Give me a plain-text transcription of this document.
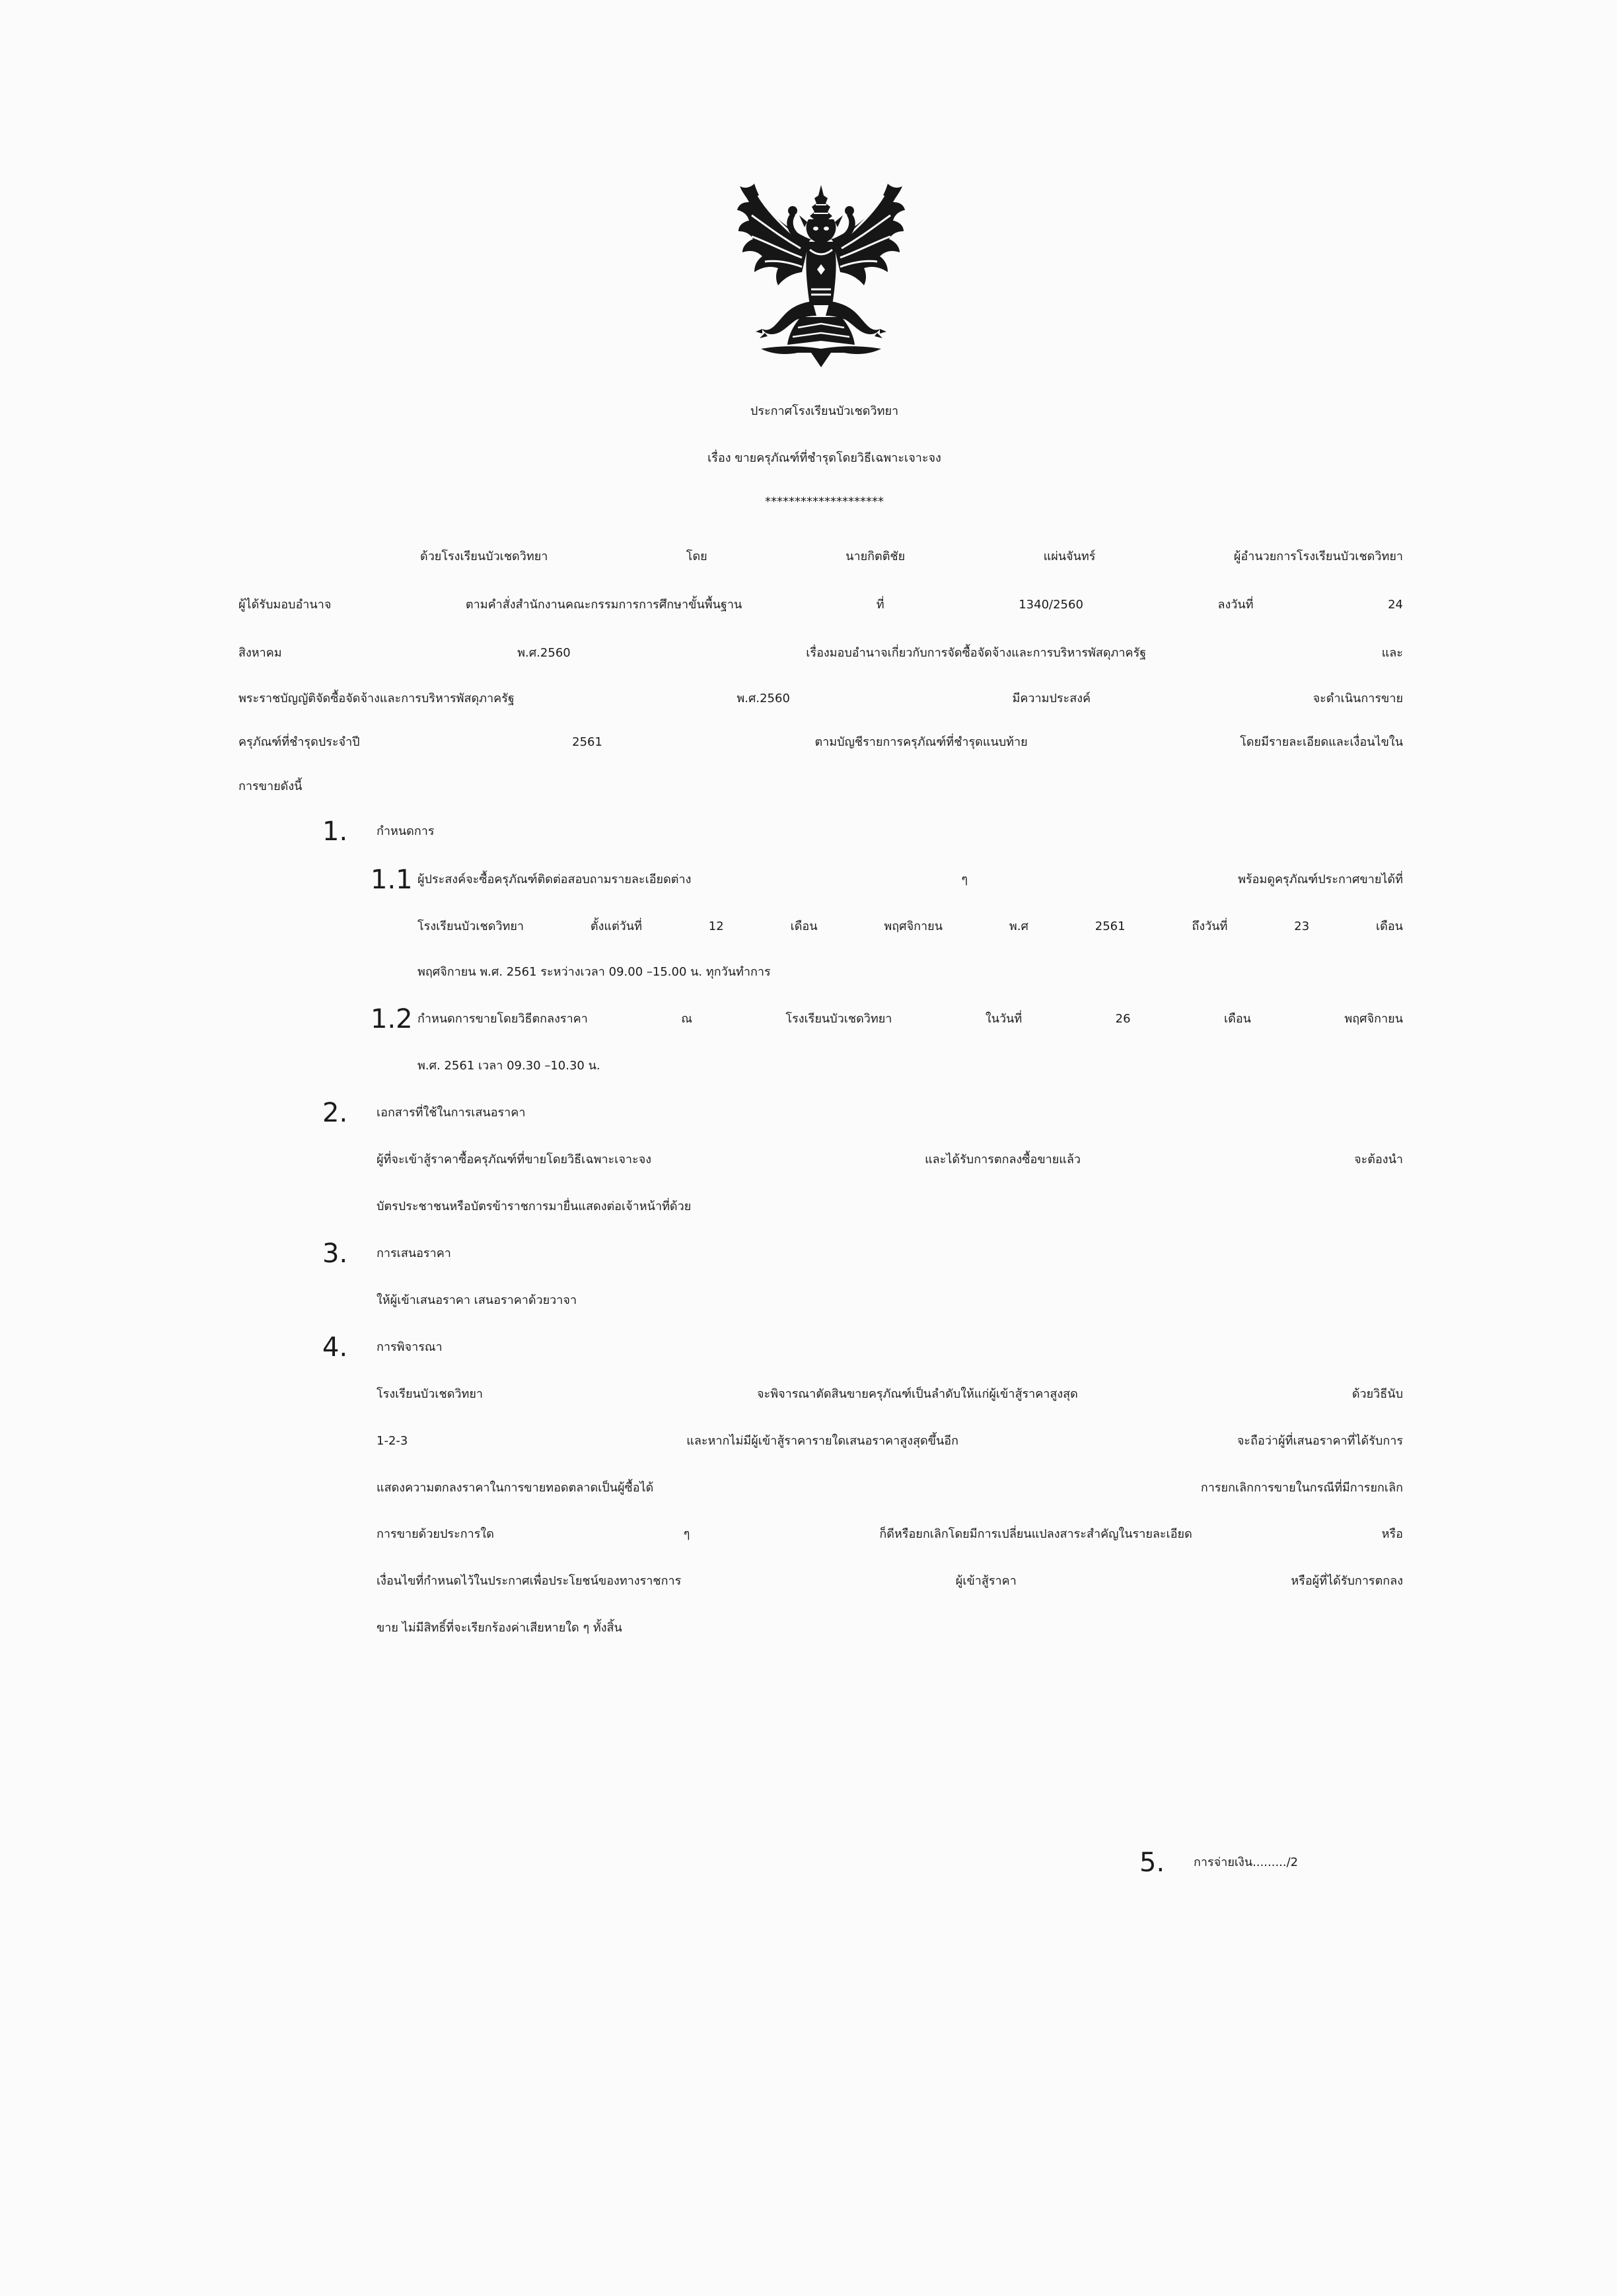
ประกาศโรงเรียนบัวเชดวิทยา
เรื่อง ขายครุภัณฑ์ที่ชำรุดโดยวิธีเฉพาะเจาะจง
********************
ด้วยโรงเรียนบัวเชดวิทยา โดย นายกิตติชัย แผ่นจันทร์ ผู้อำนวยการโรงเรียนบัวเชดวิทยา
ผู้ได้รับมอบอำนาจ ตามคำสั่งสำนักงานคณะกรรมการการศึกษาขั้นพื้นฐาน ที่ 1340/2560 ลงวันที่ 24
สิงหาคม พ.ศ.2560 เรื่องมอบอำนาจเกี่ยวกับการจัดซื้อจัดจ้างและการบริหารพัสดุภาครัฐ และ
พระราชบัญญัติจัดซื้อจัดจ้างและการบริหารพัสดุภาครัฐ พ.ศ.2560 มีความประสงค์ จะดำเนินการขาย
ครุภัณฑ์ที่ชำรุดประจำปี 2561 ตามบัญชีรายการครุภัณฑ์ที่ชำรุดแนบท้าย โดยมีรายละเอียดและเงื่อนไขใน
การขายดังนี้
1.	กำหนดการ
1.1 ผู้ประสงค์จะซื้อครุภัณฑ์ติดต่อสอบถามรายละเอียดต่าง ๆ พร้อมดูครุภัณฑ์ประกาศขายได้ที่
โรงเรียนบัวเชดวิทยา ตั้งแต่วันที่ 12 เดือน พฤศจิกายน พ.ศ 2561 ถึงวันที่ 23 เดือน
พฤศจิกายน พ.ศ. 2561 ระหว่างเวลา 09.00 –15.00 น. ทุกวันทำการ
1.2 กำหนดการขายโดยวิธีตกลงราคา ณ โรงเรียนบัวเชดวิทยา ในวันที่ 26 เดือน พฤศจิกายน
พ.ศ. 2561 เวลา 09.30 –10.30 น.
2.	เอกสารที่ใช้ในการเสนอราคา
ผู้ที่จะเข้าสู้ราคาซื้อครุภัณฑ์ที่ขายโดยวิธีเฉพาะเจาะจง และได้รับการตกลงซื้อขายแล้ว จะต้องนำ
บัตรประชาชนหรือบัตรข้าราชการมายื่นแสดงต่อเจ้าหน้าที่ด้วย
3.	การเสนอราคา
ให้ผู้เข้าเสนอราคา เสนอราคาด้วยวาจา
4.	การพิจารณา
โรงเรียนบัวเชดวิทยา จะพิจารณาตัดสินขายครุภัณฑ์เป็นลำดับให้แก่ผู้เข้าสู้ราคาสูงสุด ด้วยวิธีนับ
1-2-3 และหากไม่มีผู้เข้าสู้ราคารายใดเสนอราคาสูงสุดขึ้นอีก จะถือว่าผู้ที่เสนอราคาที่ได้รับการ
แสดงความตกลงราคาในการขายทอดตลาดเป็นผู้ซื้อได้ การยกเลิกการขายในกรณีที่มีการยกเลิก
การขายด้วยประการใด ๆ ก็ดีหรือยกเลิกโดยมีการเปลี่ยนแปลงสาระสำคัญในรายละเอียด หรือ
เงื่อนไขที่กำหนดไว้ในประกาศเพื่อประโยชน์ของทางราชการ ผู้เข้าสู้ราคา หรือผู้ที่ได้รับการตกลง
ขาย ไม่มีสิทธิ์ที่จะเรียกร้องค่าเสียหายใด ๆ ทั้งสิ้น
5.	การจ่ายเงิน........./2
